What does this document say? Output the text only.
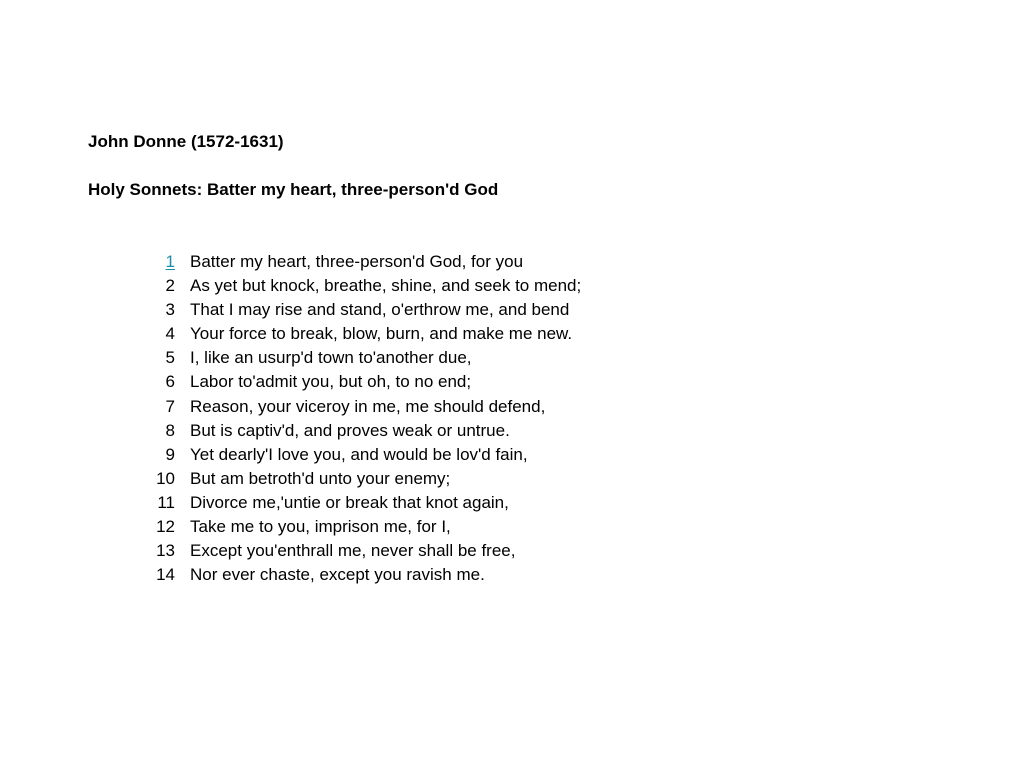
John Donne (1572-1631)
Holy Sonnets: Batter my heart, three-person'd God
1 Batter my heart, three-person'd God, for you
2 As yet but knock, breathe, shine, and seek to mend;
3 That I may rise and stand, o'erthrow me, and bend
4 Your force to break, blow, burn, and make me new.
5 I, like an usurp'd town to'another due,
6 Labor to'admit you, but oh, to no end;
7 Reason, your viceroy in me, me should defend,
8 But is captiv'd, and proves weak or untrue.
9 Yet dearly'I love you, and would be lov'd fain,
10 But am betroth'd unto your enemy;
11 Divorce me,'untie or break that knot again,
12 Take me to you, imprison me, for I,
13 Except you'enthrall me, never shall be free,
14 Nor ever chaste, except you ravish me.
